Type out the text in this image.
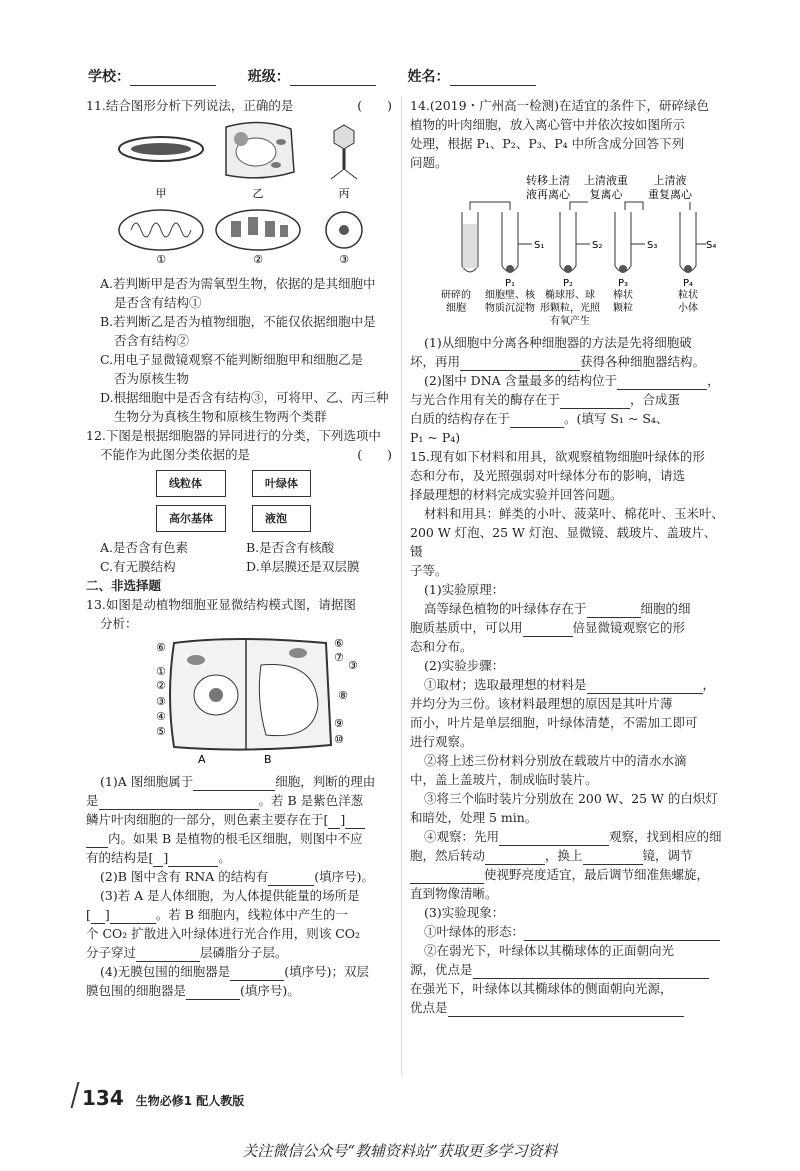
学校：	班级：	姓名：

11.结合图形分析下列说法，正确的是	(　　)

甲	乙	丙
①	②	③

A.若判断甲是否为需氧型生物，依据的是其细胞中
是否含有结构①

B.若判断乙是否为植物细胞，不能仅依据细胞中是
否含有结构②

C.用电子显微镜观察不能判断细胞甲和细胞乙是
否为原核生物

D.根据细胞中是否含有结构③，可将甲、乙、丙三种
生物分为真核生物和原核生物两个类群

12.下图是根据细胞器的异同进行的分类，下列选项中

不能作为此图分类依据的是	(　　)

线粒体		叶绿体

高尔基体		液泡
A.是否含有色素	B.是否含有核酸
C.有无膜结构	D.单层膜还是双层膜

二、非选择题

13.如图是动植物细胞亚显微结构模式图，请据图

分析：

⑥
①
②
③
④
⑤
⑥
⑦
③
⑧
⑨
⑩
A	B

(1)A 图细胞属于	细胞，判断的理由

是	。若 B 是紫色洋葱

鳞片叶肉细胞的一部分，则色素主要存在于[ ]

内。如果 B 是植物的根毛区细胞，则图中不应

有的结构是[ ]	。

(2)B 图中含有 RNA 的结构有	(填序号)。

(3)若 A 是人体细胞，为人体提供能量的场所是

[ ]	。若 B 细胞内，线粒体中产生的一

个 CO₂ 扩散进入叶绿体进行光合作用，则该 CO₂

分子穿过	层磷脂分子层。

(4)无膜包围的细胞器是	(填序号)；双层

膜包围的细胞器是	(填序号)。

14.(2019・广州高一检测)在适宜的条件下，研碎绿色

植物的叶肉细胞，放入离心管中并依次按如图所示

处理，根据 P₁、P₂、P₃、P₄ 中所含成分回答下列

问题。

转移上清
液再离心
上清液重
复离心
上清液
重复离心
S₁	S₂	S₃	S₄
P₁	P₂	P₃	P₄
研碎的
细胞
细胞壁、核
物质沉淀物
椭球形、球
形颗粒，光照
有氧产生
棒状
颗粒
粒状
小体

(1)从细胞中分离各种细胞器的方法是先将细胞破

坏，再用	获得各种细胞器结构。

(2)图中 DNA 含量最多的结构位于	，

与光合作用有关的酶存在于	，合成蛋

白质的结构存在于	。(填写 S₁ ~ S₄、

P₁ ~ P₄)

15.现有如下材料和用具，欲观察植物细胞叶绿体的形

态和分布，及光照强弱对叶绿体分布的影响，请选

择最理想的材料完成实验并回答问题。

材料和用具：鲜类的小叶、菠菜叶、棉花叶、玉米叶、

200 W 灯泡、25 W 灯泡、显微镜、载玻片、盖玻片、镊

子等。

(1)实验原理：

高等绿色植物的叶绿体存在于	细胞的细

胞质基质中，可以用	倍显微镜观察它的形

态和分布。

(2)实验步骤：

①取材；选取最理想的材料是	，

并均分为三份。该材料最理想的原因是其叶片薄

而小，叶片是单层细胞，叶绿体清楚，不需加工即可

进行观察。

②将上述三份材料分别放在载玻片中的清水水滴

中，盖上盖玻片，制成临时装片。

③将三个临时装片分别放在 200 W、25 W 的白炽灯

和暗处，处理 5 min。

④观察：先用	观察，找到相应的细

胞，然后转动	，换上	镜，调节

使视野亮度适宜，最后调节细准焦螺旋，

直到物像清晰。

(3)实验现象：

①叶绿体的形态：

②在弱光下，叶绿体以其椭球体的正面朝向光

源，优点是

在强光下，叶绿体以其椭球体的侧面朝向光源，

优点是

134 生物必修1 配人教版
关注微信公众号“教辅资料站”获取更多学习资料
